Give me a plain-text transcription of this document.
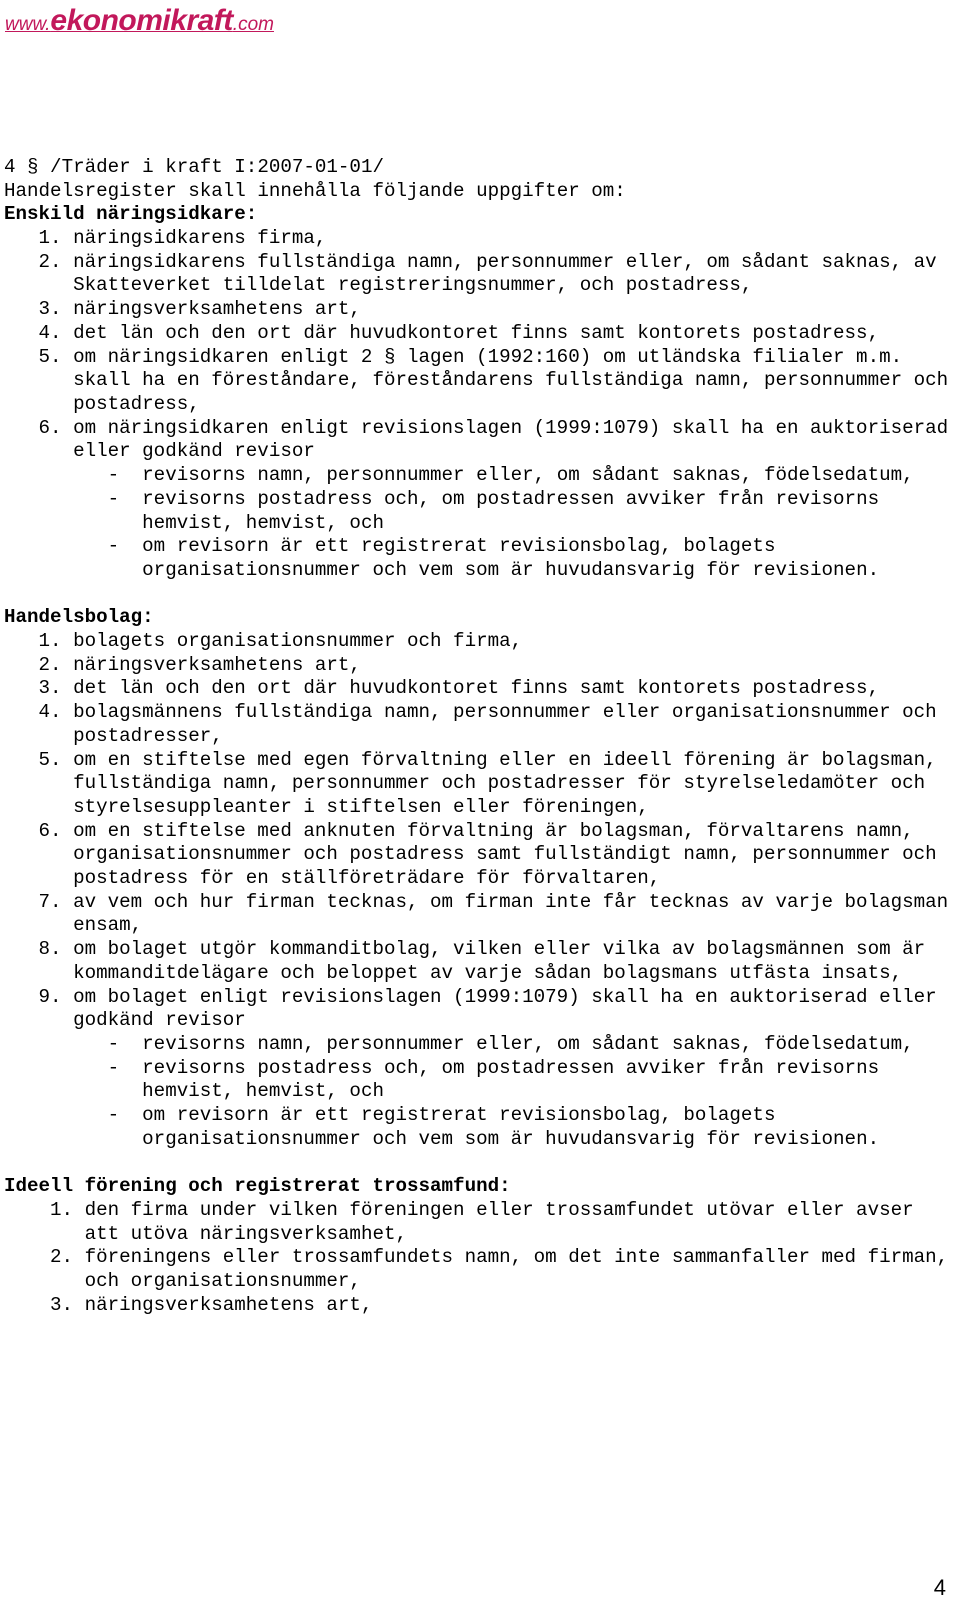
www.ekonomikraft.com
4 § /Träder i kraft I:2007-01-01/
Handelsregister skall innehålla följande uppgifter om:
Enskild näringsidkare:
1. näringsidkarens firma,
2. näringsidkarens fullständiga namn, personnummer eller, om sådant saknas, av Skatteverket tilldelat registreringsnummer, och postadress,
3. näringsverksamhetens art,
4. det län och den ort där huvudkontoret finns samt kontorets postadress,
5. om näringsidkaren enligt 2 § lagen (1992:160) om utländska filialer m.m. skall ha en föreståndare, föreståndarens fullständiga namn, personnummer och postadress,
6. om näringsidkaren enligt revisionslagen (1999:1079) skall ha en auktoriserad eller godkänd revisor
- revisorns namn, personnummer eller, om sådant saknas, födelsedatum,
- revisorns postadress och, om postadressen avviker från revisorns hemvist, hemvist, och
- om revisorn är ett registrerat revisionsbolag, bolagets organisationsnummer och vem som är huvudansvarig för revisionen.
Handelsbolag:
1. bolagets organisationsnummer och firma,
2. näringsverksamhetens art,
3. det län och den ort där huvudkontoret finns samt kontorets postadress,
4. bolagsmännens fullständiga namn, personnummer eller organisationsnummer och postadresser,
5. om en stiftelse med egen förvaltning eller en ideell förening är bolagsman, fullständiga namn, personnummer och postadresser för styrelseledamöter och styrelsesuppleanter i stiftelsen eller föreningen,
6. om en stiftelse med anknuten förvaltning är bolagsman, förvaltarens namn, organisationsnummer och postadress samt fullständigt namn, personnummer och postadress för en ställföreträdare för förvaltaren,
7. av vem och hur firman tecknas, om firman inte får tecknas av varje bolagsman ensam,
8. om bolaget utgör kommanditbolag, vilken eller vilka av bolagsmännen som är kommanditdelägare och beloppet av varje sådan bolagsmans utfästa insats,
9. om bolaget enligt revisionslagen (1999:1079) skall ha en auktoriserad eller godkänd revisor
- revisorns namn, personnummer eller, om sådant saknas, födelsedatum,
- revisorns postadress och, om postadressen avviker från revisorns hemvist, hemvist, och
- om revisorn är ett registrerat revisionsbolag, bolagets organisationsnummer och vem som är huvudansvarig för revisionen.
Ideell förening och registrerat trossamfund:
1. den firma under vilken föreningen eller trossamfundet utövar eller avser att utöva näringsverksamhet,
2. föreningens eller trossamfundets namn, om det inte sammanfaller med firman, och organisationsnummer,
3. näringsverksamhetens art,
4
